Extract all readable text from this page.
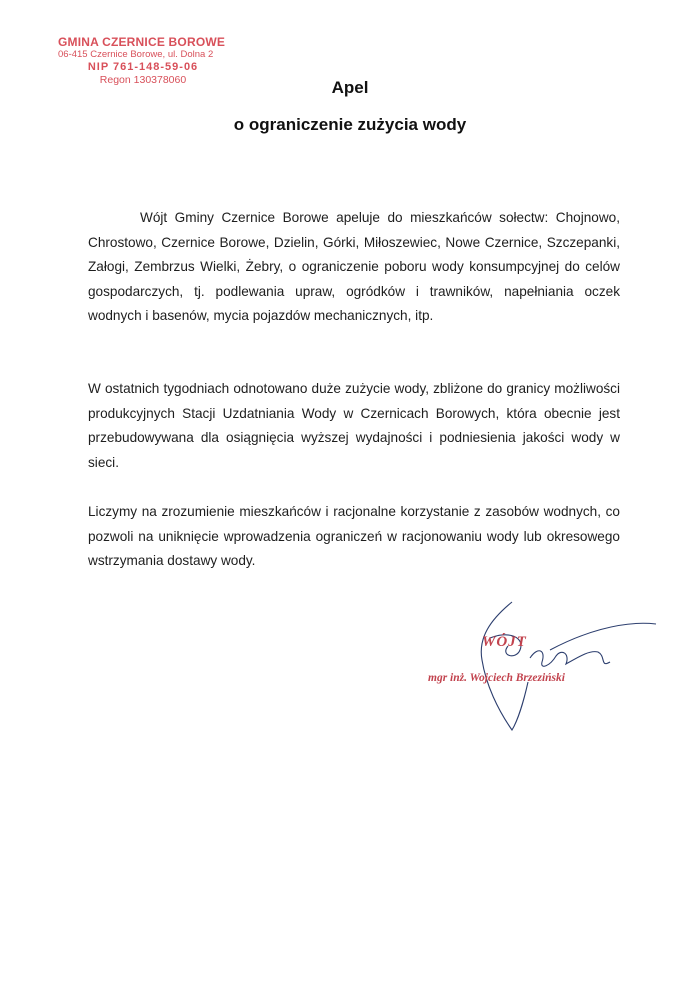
GMINA CZERNICE BOROWE
06-415 Czernice Borowe, ul. Dolna 2
NIP 761-148-59-06
Regon 130378060	Apel
o ograniczenie zużycia wody
Wójt Gminy Czernice Borowe apeluje do mieszkańców sołectw: Chojnowo, Chrostowo, Czernice Borowe, Dzielin, Górki, Miłoszewiec, Nowe Czernice, Szczepanki, Załogi, Zembrzus Wielki, Żebry, o ograniczenie poboru wody konsumpcyjnej do celów gospodarczych, tj. podlewania upraw, ogródków i trawników, napełniania oczek wodnych i basenów, mycia pojazdów mechanicznych, itp.
W ostatnich tygodniach odnotowano duże zużycie wody, zbliżone do granicy możliwości produkcyjnych Stacji Uzdatniania Wody w Czernicach Borowych, która obecnie jest przebudowywana dla osiągnięcia wyższej wydajności i podniesienia jakości wody w sieci.
Liczymy na zrozumienie mieszkańców i racjonalne korzystanie z zasobów wodnych, co pozwoli na uniknięcie wprowadzenia ograniczeń w racjonowaniu wody lub okresowego wstrzymania dostawy wody.
WÓJT
mgr inż. Wojciech Brzeziński
